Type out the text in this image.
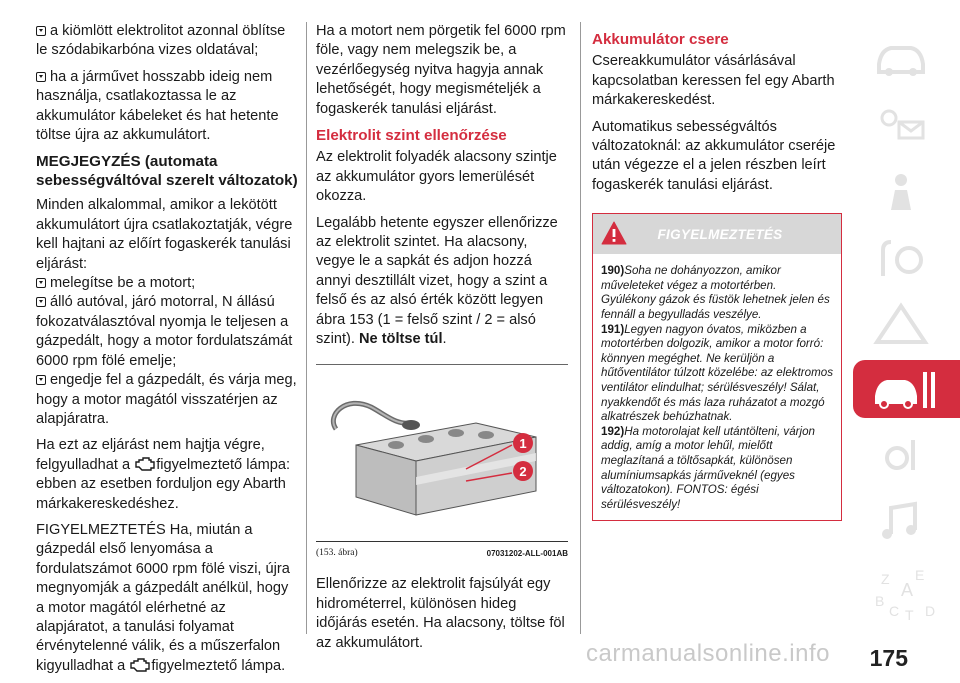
a kiömlött elektrolitot azonnal öblítse le szódabikarbóna vizes oldatával;

ha a járművet hosszabb ideig nem használja, csatlakoztassa le az akkumulátor kábeleket és hat hetente töltse újra az akkumulátort.

MEGJEGYZÉS (automata sebességváltóval szerelt változatok)

Minden alkalommal, amikor a lekötött akkumulátort újra csatlakoztatják, végre kell hajtani az előírt fogaskerék tanulási eljárást:

melegítse be a motort;

álló autóval, járó motorral, N állású fokozatválasztóval nyomja le teljesen a gázpedált, hogy a motor fordulatszámát 6000 rpm fölé emelje;

engedje fel a gázpedált, és várja meg, hogy a motor magától visszatérjen az alapjáratra.

Ha ezt az eljárást nem hajtja végre, felgyulladhat a figyelmeztető lámpa: ebben az esetben forduljon egy Abarth márkakereskedéshez.

FIGYELMEZTETÉS Ha, miután a gázpedál első lenyomása a fordulatszámot 6000 rpm fölé viszi, újra megnyomják a gázpedált anélkül, hogy a motor magától elérhetné az alapjáratot, a tanulási folyamat érvénytelenné válik, és a műszerfalon kigyulladhat a figyelmeztető lámpa.

Ha a motort nem pörgetik fel 6000 rpm föle, vagy nem melegszik be, a vezérlőegység nyitva hagyja annak lehetőségét, hogy megismételjék a fogaskerék tanulási eljárást.

Elektrolit szint ellenőrzése

Az elektrolit folyadék alacsony szintje az akkumulátor gyors lemerülését okozza.

Legalább hetente egyszer ellenőrizze az elektrolit szintet. Ha alacsony, vegye le a sapkát és adjon hozzá annyi desztillált vizet, hogy a szint a felső és az alsó érték között legyen ábra 153 (1 = felső szint / 2 = alsó szint). Ne töltse túl.

1
2
(153. ábra)	07031202-ALL-001AB

Ellenőrizze az elektrolit fajsúlyát egy hidrométerrel, különösen hideg időjárás esetén. Ha alacsony, töltse föl az akkumulátort.

Akkumulátor csere

Csereakkumulátor vásárlásával kapcsolatban keressen fel egy Abarth márkakereskedést.

Automatikus sebességváltós változatoknál: az akkumulátor cseréje után végezze el a jelen részben leírt fogaskerék tanulási eljárást.

FIGYELMEZTETÉS

190)Soha ne dohányozzon, amikor műveleteket végez a motortérben. Gyúlékony gázok és füstök lehetnek jelen és fennáll a begyulladás veszélye.

191)Legyen nagyon óvatos, miközben a motortérben dolgozik, amikor a motor forró: könnyen megéghet. Ne kerüljön a hűtőventilátor túlzott közelébe: az elektromos ventilátor elindulhat; sérülésveszély! Sálat, nyakkendőt és más laza ruházatot a mozgó alkatrészek behúzhatnak.

192)Ha motorolajat kell utántölteni, várjon addig, amíg a motor lehűl, mielőtt meglazítaná a töltősapkát, különösen alumíniumsapkás járműveknél (egyes változatokon). FONTOS: égési sérülésveszély!

Z E
A
B
C T D
175
carmanualsonline.info
